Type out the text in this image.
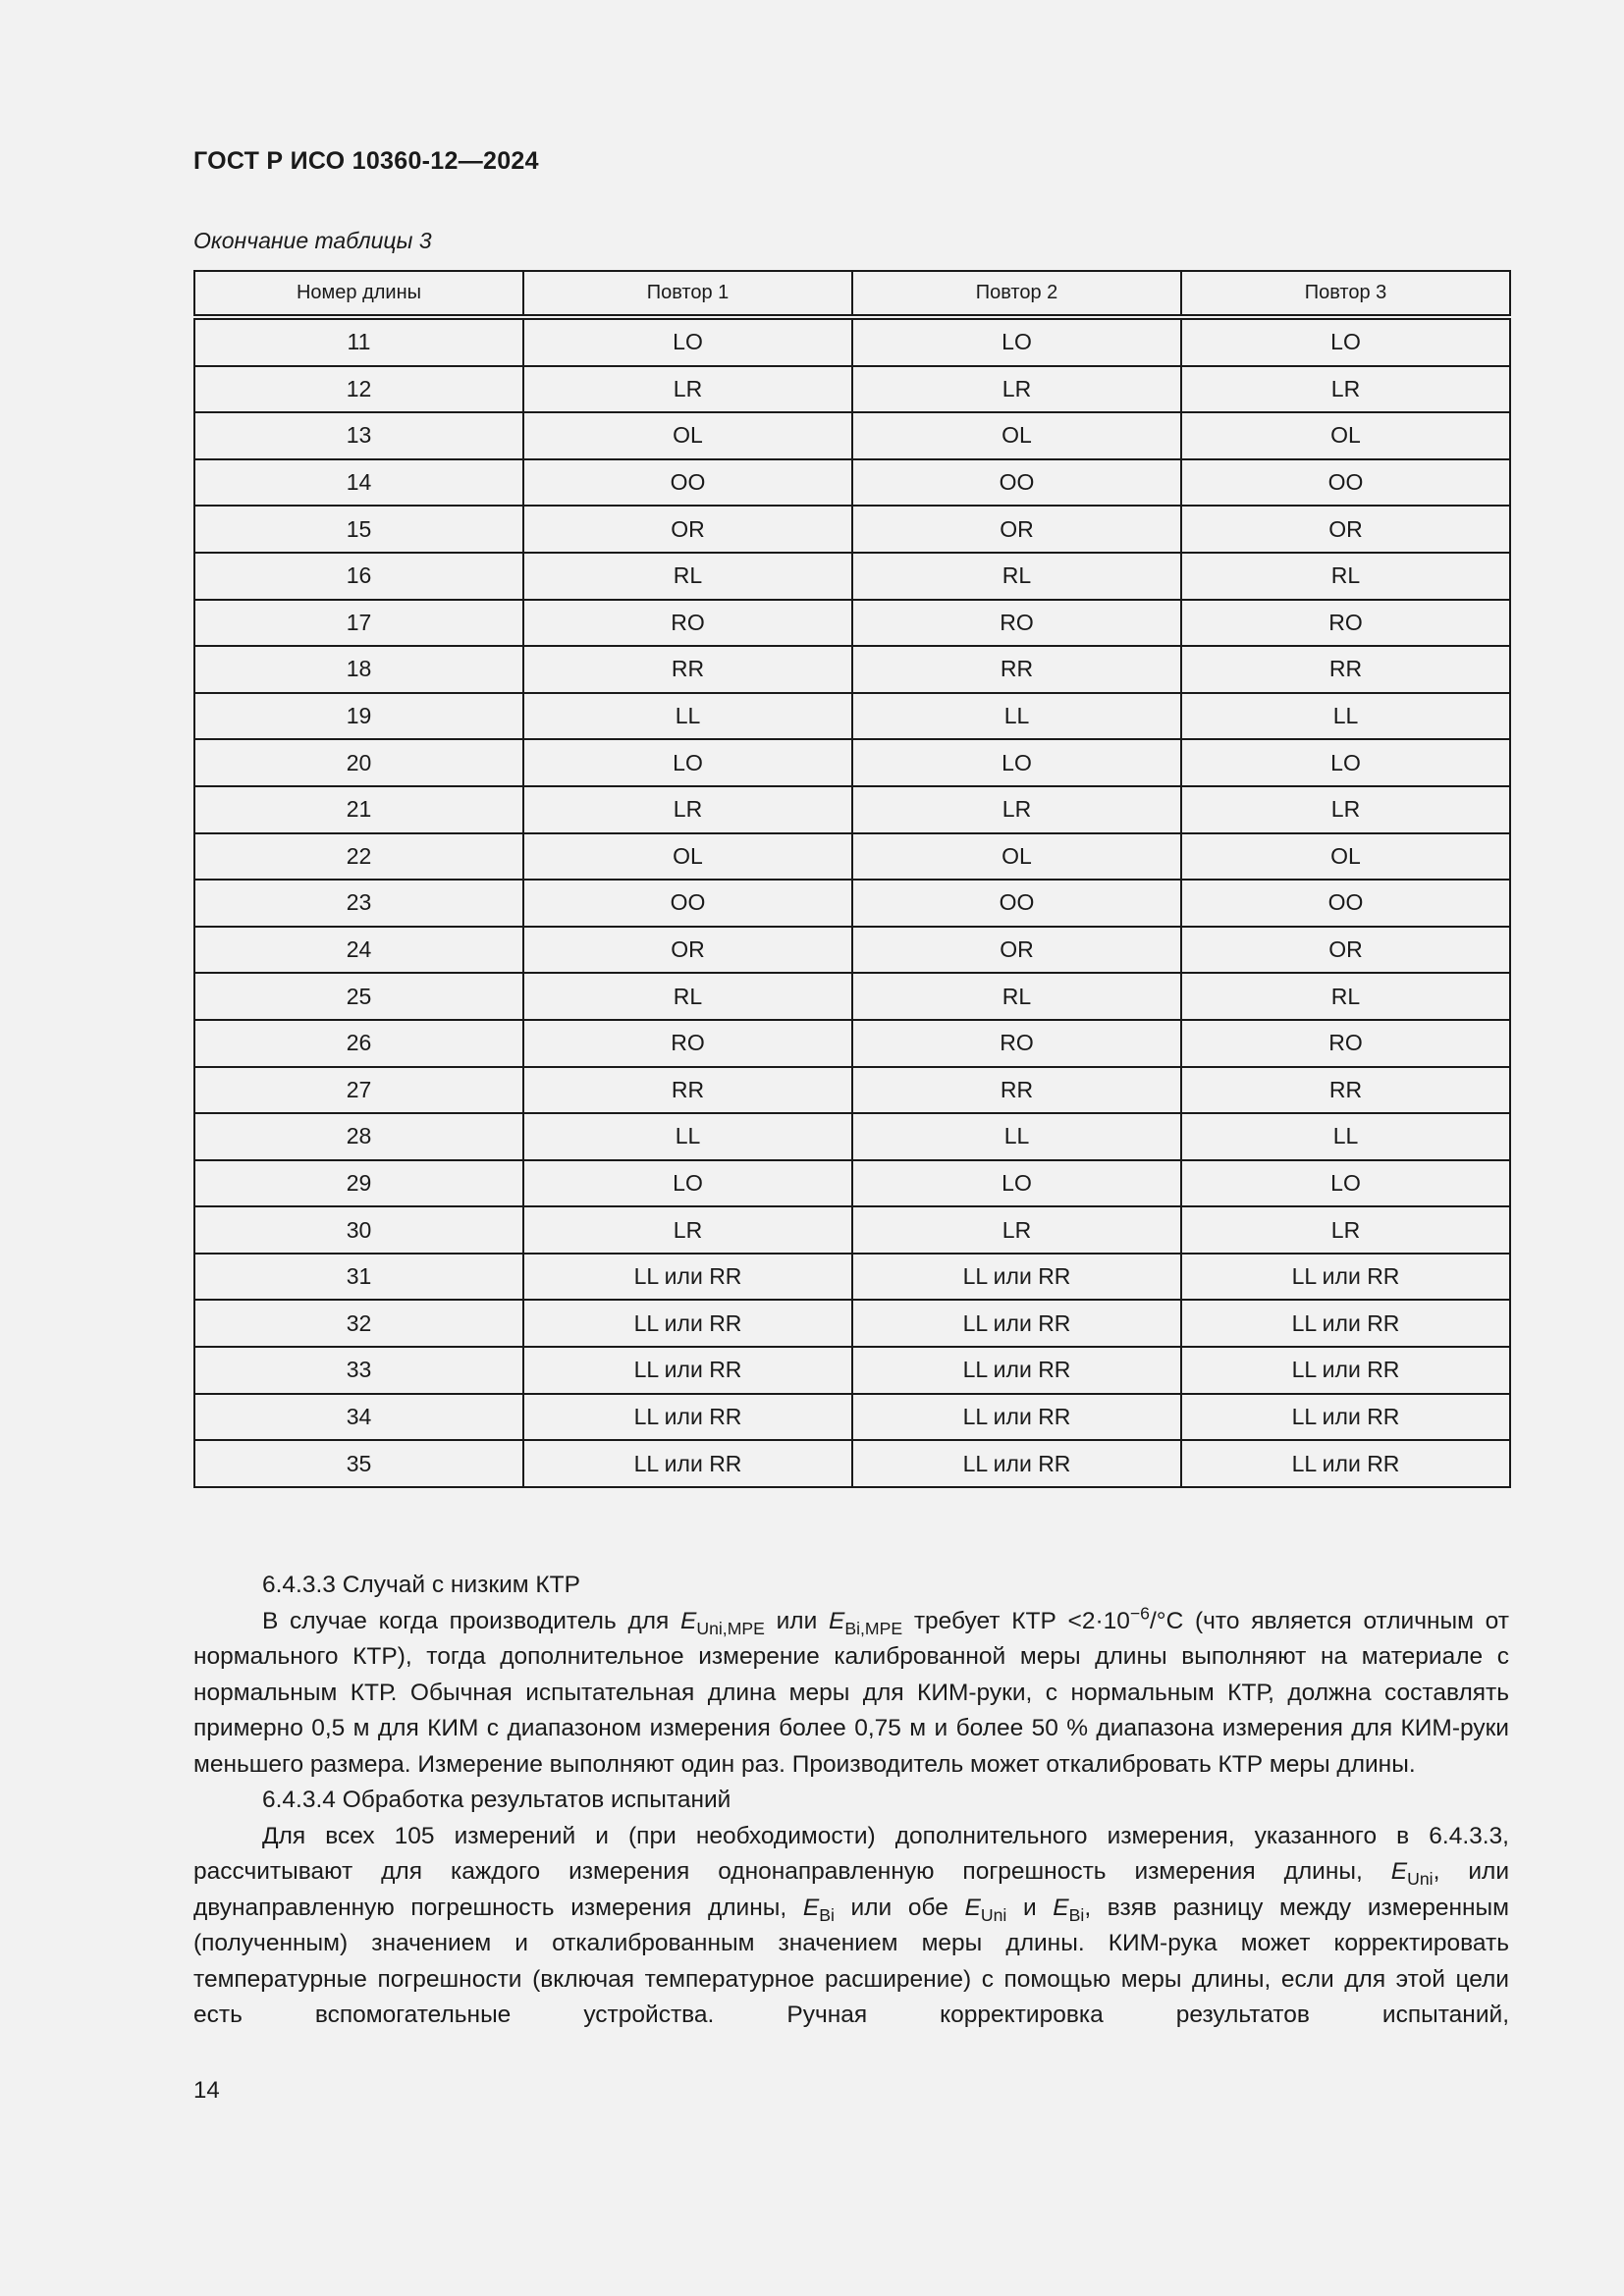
ГОСТ Р ИСО 10360-12—2024
Окончание таблицы 3
Номер длины	Повтор 1	Повтор 2	Повтор 3
11	LO	LO	LO
12	LR	LR	LR
13	OL	OL	OL
14	OO	OO	OO
15	OR	OR	OR
16	RL	RL	RL
17	RO	RO	RO
18	RR	RR	RR
19	LL	LL	LL
20	LO	LO	LO
21	LR	LR	LR
22	OL	OL	OL
23	OO	OO	OO
24	OR	OR	OR
25	RL	RL	RL
26	RO	RO	RO
27	RR	RR	RR
28	LL	LL	LL
29	LO	LO	LO
30	LR	LR	LR
31	LL или RR	LL или RR	LL или RR
32	LL или RR	LL или RR	LL или RR
33	LL или RR	LL или RR	LL или RR
34	LL или RR	LL или RR	LL или RR
35	LL или RR	LL или RR	LL или RR

6.4.3.3 Случай с низким КТР

В случае когда производитель для $E_{Uni,MPE}$ или $E_{Bi,MPE}$ требует КТР $<2\cdot 10^{-6}/^\circ С$ (что является отличным от нормального КТР), тогда дополнительное измерение калиброванной меры длины выполняют на материале с нормальным КТР. Обычная испытательная длина меры для КИМ-руки, с нормальным КТР, должна составлять примерно 0,5 м для КИМ с диапазоном измерения более 0,75 м и более 50 % диапазона измерения для КИМ-руки меньшего размера. Измерение выполняют один раз. Производитель может откалибровать КТР меры длины.

6.4.3.4 Обработка результатов испытаний

Для всех 105 измерений и (при необходимости) дополнительного измерения, указанного в 6.4.3.3, рассчитывают для каждого измерения однонаправленную погрешность измерения длины, $E_{Uni}$, или двунаправленную погрешность измерения длины, $E_{Bi}$ или обе $E_{Uni}$ и $E_{Bi}$, взяв разницу между измеренным (полученным) значением и откалиброванным значением меры длины. КИМ-рука может корректировать температурные погрешности (включая температурное расширение) с помощью меры длины, если для этой цели есть вспомогательные устройства. Ручная корректировка результатов испытаний,

14
